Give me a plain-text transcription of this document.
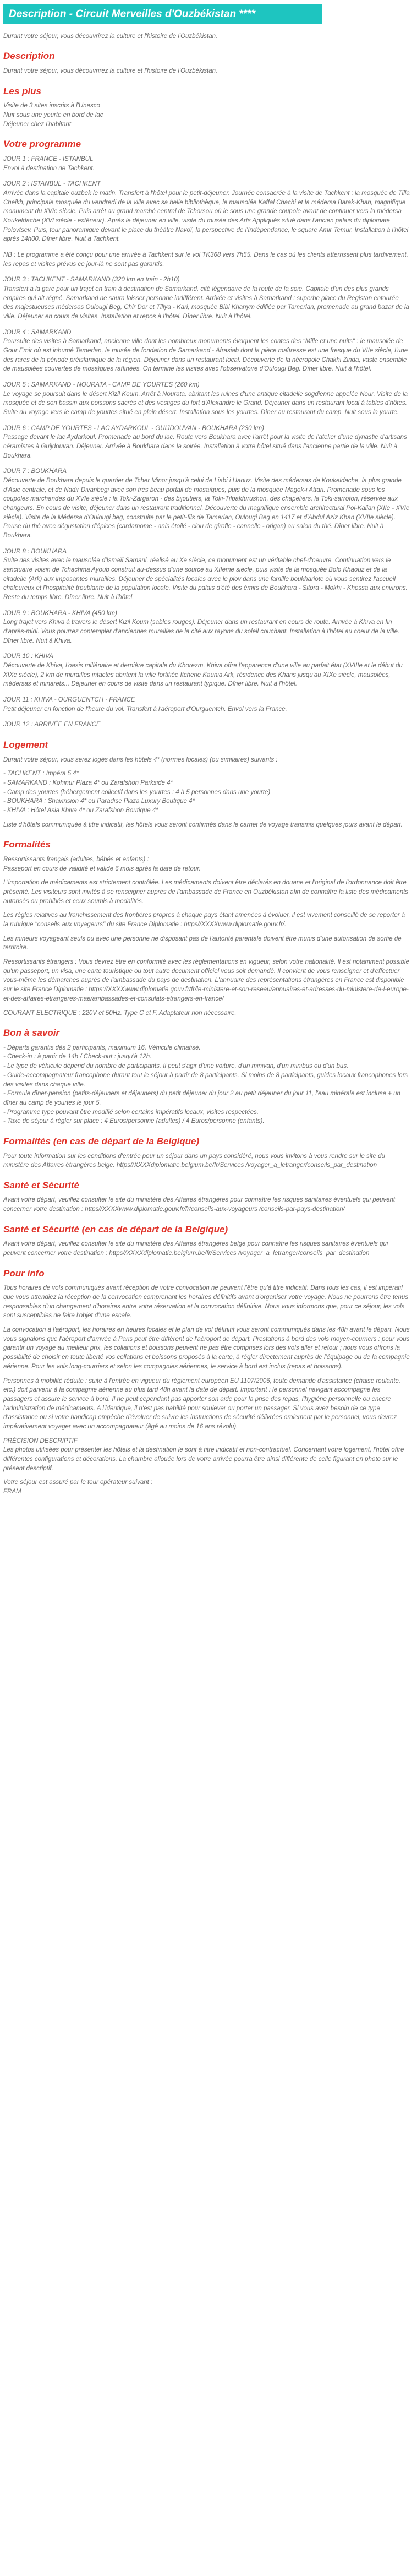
Description - Circuit Merveilles d'Ouzbékistan ****

Durant votre séjour, vous découvrirez la culture et l'histoire de l'Ouzbékistan.

Description

Durant votre séjour, vous découvrirez la culture et l'histoire de l'Ouzbékistan.

Les plus

Visite de 3 sites inscrits à l'Unesco
Nuit sous une yourte en bord de lac
Déjeuner chez l'habitant

Votre programme

JOUR 1 : FRANCE - ISTANBUL

Envol à destination de Tachkent.

JOUR 2 : ISTANBUL - TACHKENT

Arrivée dans la capitale ouzbek le matin. Transfert à l'hôtel pour le petit-déjeuner. Journée consacrée à la visite de Tachkent : la mosquée de Tilla Cheikh, principale mosquée du vendredi de la ville avec sa belle bibliothèque, le mausolée Kaffal Chachi et la médersa Barak-Khan, magnifique monument du XVIe siècle. Puis arrêt au grand marché central de Tchorsou où le sous une grande coupole avant de continuer vers la médersa Koukeldache (XVI siècle - extérieur). Après le déjeuner en ville, visite du musée des Arts Appliqués situé dans l'ancien palais du diplomate Polovtsev. Puis, tour panoramique devant le place du théâtre Navoï, la perspective de l'Indépendance, le square Amir Temur. Installation à l'hôtel après 14h00. Dîner libre. Nuit à Tachkent.

NB : Le programme a été conçu pour une arrivée à Tachkent sur le vol TK368 vers 7h55. Dans le cas où les clients atterrissent plus tardivement, les repas et visites prévus ce jour-là ne sont pas garantis.

JOUR 3 : TACHKENT - SAMARKAND (320 km en train - 2h10)

Transfert à la gare pour un trajet en train à destination de Samarkand, cité légendaire de la route de la soie. Capitale d'un des plus grands empires qui ait régné, Samarkand ne saura laisser personne indifférent. Arrivée et visites à Samarkand : superbe place du Registan entourée des majestueuses médersas Oulougi Beg, Chir Dor et Tillya - Kari, mosquée Bibi Khanym édifiée par Tamerlan, promenade au grand bazar de la ville. Déjeuner en cours de visites. Installation et repos à l'hôtel. Dîner libre. Nuit à l'hôtel.

JOUR 4 : SAMARKAND

Poursuite des visites à Samarkand, ancienne ville dont les nombreux monuments évoquent les contes des "Mille et une nuits" : le mausolée de Gour Emir où est inhumé Tamerlan, le musée de fondation de Samarkand - Afrasiab dont la pièce maîtresse est une fresque du VIIe siècle, l'une des rares de la période préislamique de la région. Déjeuner dans un restaurant local. Découverte de la nécropole Chakhi Zinda, vaste ensemble de mausolées couvertes de mosaïques raffinées. On termine les visites avec l'observatoire d'Oulougi Beg. Dîner libre. Nuit à l'hôtel.

JOUR 5 : SAMARKAND - NOURATA - CAMP DE YOURTES (260 km)

Le voyage se poursuit dans le désert Kizil Koum. Arrêt à Nourata, abritant les ruines d'une antique citadelle sogdienne appelée Nour. Visite de la mosquée et de son bassin aux poissons sacrés et des vestiges du fort d'Alexandre le Grand. Déjeuner dans un restaurant local à tables d'hôtes. Suite du voyage vers le camp de yourtes situé en plein désert. Installation sous les yourtes. Dîner au restaurant du camp. Nuit sous la yourte.

JOUR 6 : CAMP DE YOURTES - LAC AYDARKOUL - GUIJDOUVAN - BOUKHARA (230 km)

Passage devant le lac Aydarkoul. Promenade au bord du lac. Route vers Boukhara avec l'arrêt pour la visite de l'atelier d'une dynastie d'artisans céramistes à Guijdouvan. Déjeuner. Arrivée à Boukhara dans la soirée. Installation à votre hôtel situé dans l'ancienne partie de la ville. Nuit à Boukhara.

JOUR 7 : BOUKHARA

Découverte de Boukhara depuis le quartier de Tcher Minor jusqu'à celui de Liabi i Haouz. Visite des médersas de Koukeldache, la plus grande d'Asie centrale, et de Nadir Divanbegi avec son très beau portail de mosaïques, puis de la mosquée Magok-i Attari. Promenade sous les coupoles marchandes du XVIe siècle : la Toki-Zargaron - des bijoutiers, la Toki-Tilpakfurushon, des chapeliers, la Toki-sarrofon, réservée aux changeurs. En cours de visite, déjeuner dans un restaurant traditionnel. Découverte du magnifique ensemble architectural Poi-Kalian (XIIe - XVIe siècle). Visite de la Médersa d'Oulougi beg, construite par le petit-fils de Tamerlan, Oulougi Beg en 1417 et d'Abdul Aziz Khan (XVIIe siècle). Pause du thé avec dégustation d'épices (cardamome - anis étoilé - clou de girofle - cannelle - origan) au salon du thé. Dîner libre. Nuit à Boukhara.

JOUR 8 : BOUKHARA

Suite des visites avec le mausolée d'Ismaïl Samani, réalisé au Xe siècle, ce monument est un véritable chef-d'oeuvre. Continuation vers le sanctuaire voisin de Tchachma Ayoub construit au-dessus d'une source au XIIème siècle, puis visite de la mosquée Bolo Khaouz et de la citadelle (Ark) aux imposantes murailles. Déjeuner de spécialités locales avec le plov dans une famille boukhariote où vous sentirez l'accueil chaleureux et l'hospitalité troublante de la population locale. Visite du palais d'été des émirs de Boukhara - Sitora - Mokhi - Khossa aux environs. Reste du temps libre. Dîner libre. Nuit à l'hôtel.

JOUR 9 : BOUKHARA - KHIVA (450 km)

Long trajet vers Khiva à travers le désert Kizil Koum (sables rouges). Déjeuner dans un restaurant en cours de route. Arrivée à Khiva en fin d'après-midi. Vous pourrez contempler d'anciennes murailles de la cité aux rayons du soleil couchant. Installation à l'hôtel au coeur de la ville. Dîner libre. Nuit à Khiva.

JOUR 10 : KHIVA

Découverte de Khiva, l'oasis millénaire et dernière capitale du Khorezm. Khiva offre l'apparence d'une ville au parfait état (XVIIIe et le début du XIXe siècle), 2 km de murailles intactes abritent la ville fortifiée Itcherie Kaunia Ark, résidence des Khans jusqu'au XIXe siècle, mausolées, médersas et minarets... Déjeuner en cours de visite dans un restaurant typique. Dîner libre. Nuit à l'hôtel.

JOUR 11 : KHIVA - OURGUENTCH - FRANCE

Petit déjeuner en fonction de l'heure du vol. Transfert à l'aéroport d'Ourguentch. Envol vers la France.

JOUR 12 : ARRIVÉE EN FRANCE

Logement

Durant votre séjour, vous serez logés dans les hôtels 4* (normes locales) (ou similaires) suivants :

- TACHKENT : Impéra 5 4*
- SAMARKAND : Kohinur Plaza 4* ou Zarafshon Parkside 4*
- Camp des yourtes (hébergement collectif dans les yourtes : 4 à 5 personnes dans une yourte)
- BOUKHARA : Shavirision 4* ou Paradise Plaza Luxury Boutique 4*
- KHIVA : Hôtel Asia Khiva 4* ou Zarafshon Boutique 4*

Liste d'hôtels communiquée à titre indicatif, les hôtels vous seront confirmés dans le carnet de voyage transmis quelques jours avant le départ.

Formalités

Ressortissants français (adultes, bébés et enfants) :
Passeport en cours de validité et valide 6 mois après la date de retour.

L'importation de médicaments est strictement contrôlée. Les médicaments doivent être déclarés en douane et l'original de l'ordonnance doit être présenté. Les visiteurs sont invités à se renseigner auprès de l'ambassade de France en Ouzbékistan afin de connaître la liste des médicaments autorisés ou prohibés et ceux soumis à modalités.

Les règles relatives au franchissement des frontières propres à chaque pays étant amenées à évoluer, il est vivement conseillé de se reporter à la rubrique "conseils aux voyageurs" du site France Diplomatie : https//XXXXwww.diplomatie.gouv.fr/.

Les mineurs voyageant seuls ou avec une personne ne disposant pas de l'autorité parentale doivent être munis d'une autorisation de sortie de territoire.

Ressortissants étrangers : Vous devrez être en conformité avec les réglementations en vigueur, selon votre nationalité. Il est notamment possible qu'un passeport, un visa, une carte touristique ou tout autre document officiel vous soit demandé. Il convient de vous renseigner et d'effectuer vous-même les démarches auprès de l'ambassade du pays de destination. L'annuaire des représentations étrangères en France est disponible sur le site France Diplomatie : https://XXXXwww.diplomatie.gouv.fr/fr/le-ministere-et-son-reseau/annuaires-et-adresses-du-ministere-de-l-europe-et-des-affaires-etrangeres-mae/ambassades-et-consulats-etrangers-en-france/

COURANT ELECTRIQUE : 220V et 50Hz. Type C et F. Adaptateur non nécessaire.

Bon à savoir

- Départs garantis dès 2 participants, maximum 16. Véhicule climatisé.
- Check-in : à partir de 14h / Check-out : jusqu'à 12h.
- Le type de véhicule dépend du nombre de participants. Il peut s'agir d'une voiture, d'un minivan, d'un minibus ou d'un bus.
- Guide-accompagnateur francophone durant tout le séjour à partir de 8 participants. Si moins de 8 participants, guides locaux francophones lors des visites dans chaque ville.
- Formule dîner-pension (petits-déjeuners et déjeuners) du petit déjeuner du jour 2 au petit déjeuner du jour 11, l'eau minérale est incluse + un dîner au camp de yourtes le jour 5.
- Programme type pouvant être modifié selon certains impératifs locaux, visites respectées.
- Taxe de séjour à régler sur place : 4 Euros/personne (adultes) / 4 Euros/personne (enfants).

Formalités (en cas de départ de la Belgique)

Pour toute information sur les conditions d'entrée pour un séjour dans un pays considéré, nous vous invitons à vous rendre sur le site du ministère des Affaires étrangères belge. https//XXXXdiplomatie.belgium.be/fr/Services /voyager_a_letranger/conseils_par_destination

Santé et Sécurité

Avant votre départ, veuillez consulter le site du ministère des Affaires étrangères pour connaître les risques sanitaires éventuels qui peuvent concerner votre destination : https//XXXXwww.diplomatie.gouv.fr/fr/conseils-aux-voyageurs /conseils-par-pays-destination/

Santé et Sécurité (en cas de départ de la Belgique)

Avant votre départ, veuillez consulter le site du ministère des Affaires étrangères belge pour connaître les risques sanitaires éventuels qui peuvent concerner votre destination : https//XXXXdiplomatie.belgium.be/fr/Services /voyager_a_letranger/conseils_par_destination

Pour info

Tous horaires de vols communiqués avant réception de votre convocation ne peuvent l'être qu'à titre indicatif. Dans tous les cas, il est impératif que vous attendiez la réception de la convocation comprenant les horaires définitifs avant d'organiser votre voyage. Nous ne pourrons être tenus responsables d'un changement d'horaires entre votre réservation et la convocation définitive. Nous vous informons que, pour ce séjour, les vols sont susceptibles de faire l'objet d'une escale.

La convocation à l'aéroport, les horaires en heures locales et le plan de vol définitif vous seront communiqués dans les 48h avant le départ. Nous vous signalons que l'aéroport d'arrivée à Paris peut être différent de l'aéroport de départ. Prestations à bord des vols moyen-courriers : pour vous garantir un voyage au meilleur prix, les collations et boissons peuvent ne pas être comprises lors des vols aller et retour ; nous vous offrons la possibilité de choisir en toute liberté vos collations et boissons proposés à la carte, à régler directement auprès de l'équipage ou de la compagnie aérienne. Pour les vols long-courriers et selon les compagnies aériennes, le service à bord est inclus (repas et boissons).

Personnes à mobilité réduite : suite à l'entrée en vigueur du règlement européen EU 1107/2006, toute demande d'assistance (chaise roulante, etc.) doit parvenir à la compagnie aérienne au plus tard 48h avant la date de départ. Important : le personnel navigant accompagne les passagers et assure le service à bord. Il ne peut cependant pas apporter son aide pour la prise des repas, l'hygiène personnelle ou encore l'administration de médicaments. A l'identique, il n'est pas habilité pour soulever ou porter un passager. Si vous avez besoin de ce type d'assistance ou si votre handicap empêche d'évoluer de suivre les instructions de sécurité délivrées oralement par le personnel, vous devrez impérativement voyager avec un accompagnateur (âgé au moins de 16 ans révolu).

PRÉCISION DESCRIPTIF
Les photos utilisées pour présenter les hôtels et la destination le sont à titre indicatif et non-contractuel. Concernant votre logement, l'hôtel offre différentes configurations et décorations. La chambre allouée lors de votre arrivée pourra être ainsi différente de celle figurant en photo sur le présent descriptif.

Votre séjour est assuré par le tour opérateur suivant :
FRAM
